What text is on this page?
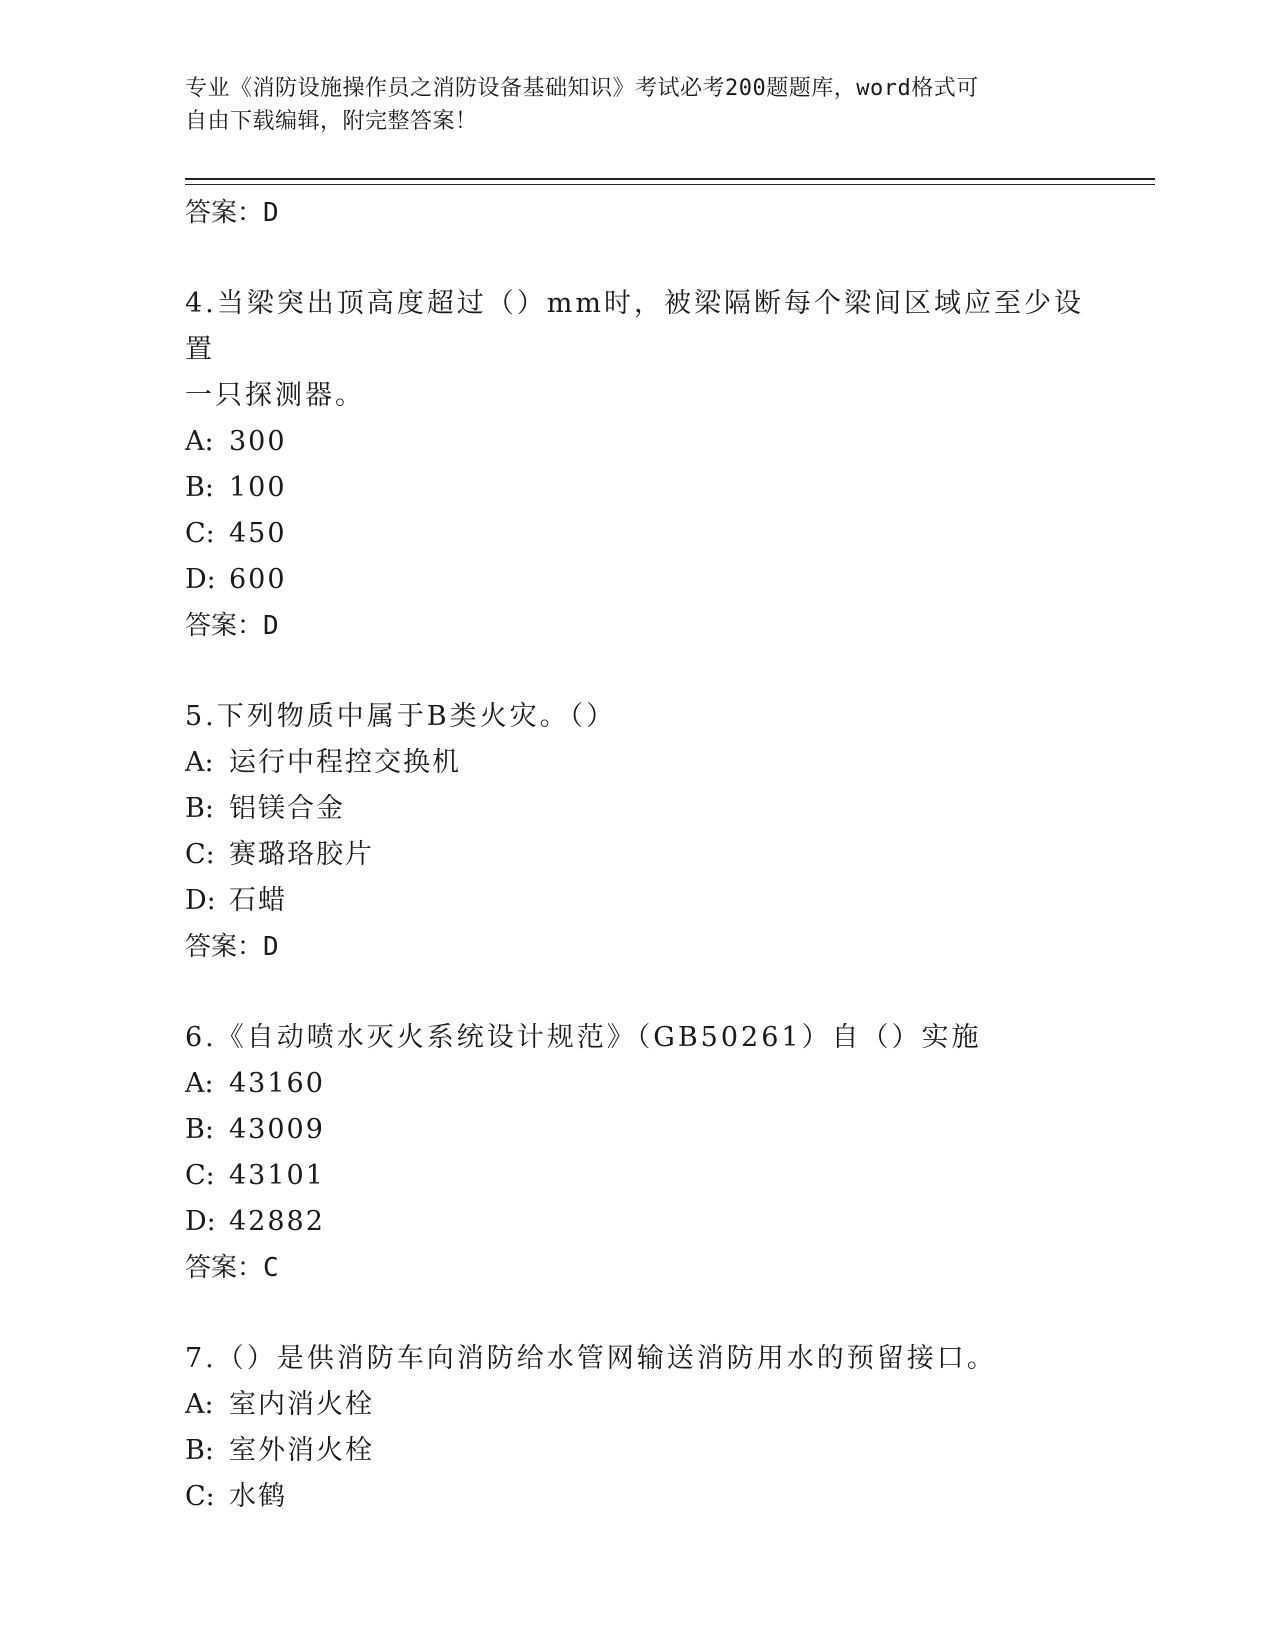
专业《消防设施操作员之消防设备基础知识》考试必考200题题库，word格式可
自由下载编辑，附完整答案！
答案：D
4.当梁突出顶高度超过（）mm时，被梁隔断每个梁间区域应至少设置
一只探测器。
A: 300
B: 100
C: 450
D: 600
答案：D
5.下列物质中属于B类火灾。（）
A: 运行中程控交换机
B: 铝镁合金
C: 赛璐珞胶片
D: 石蜡
答案：D
6.《自动喷水灭火系统设计规范》（GB50261）自（）实施
A: 43160
B: 43009
C: 43101
D: 42882
答案：C
7.（）是供消防车向消防给水管网输送消防用水的预留接口。
A: 室内消火栓
B: 室外消火栓
C: 水鹤
